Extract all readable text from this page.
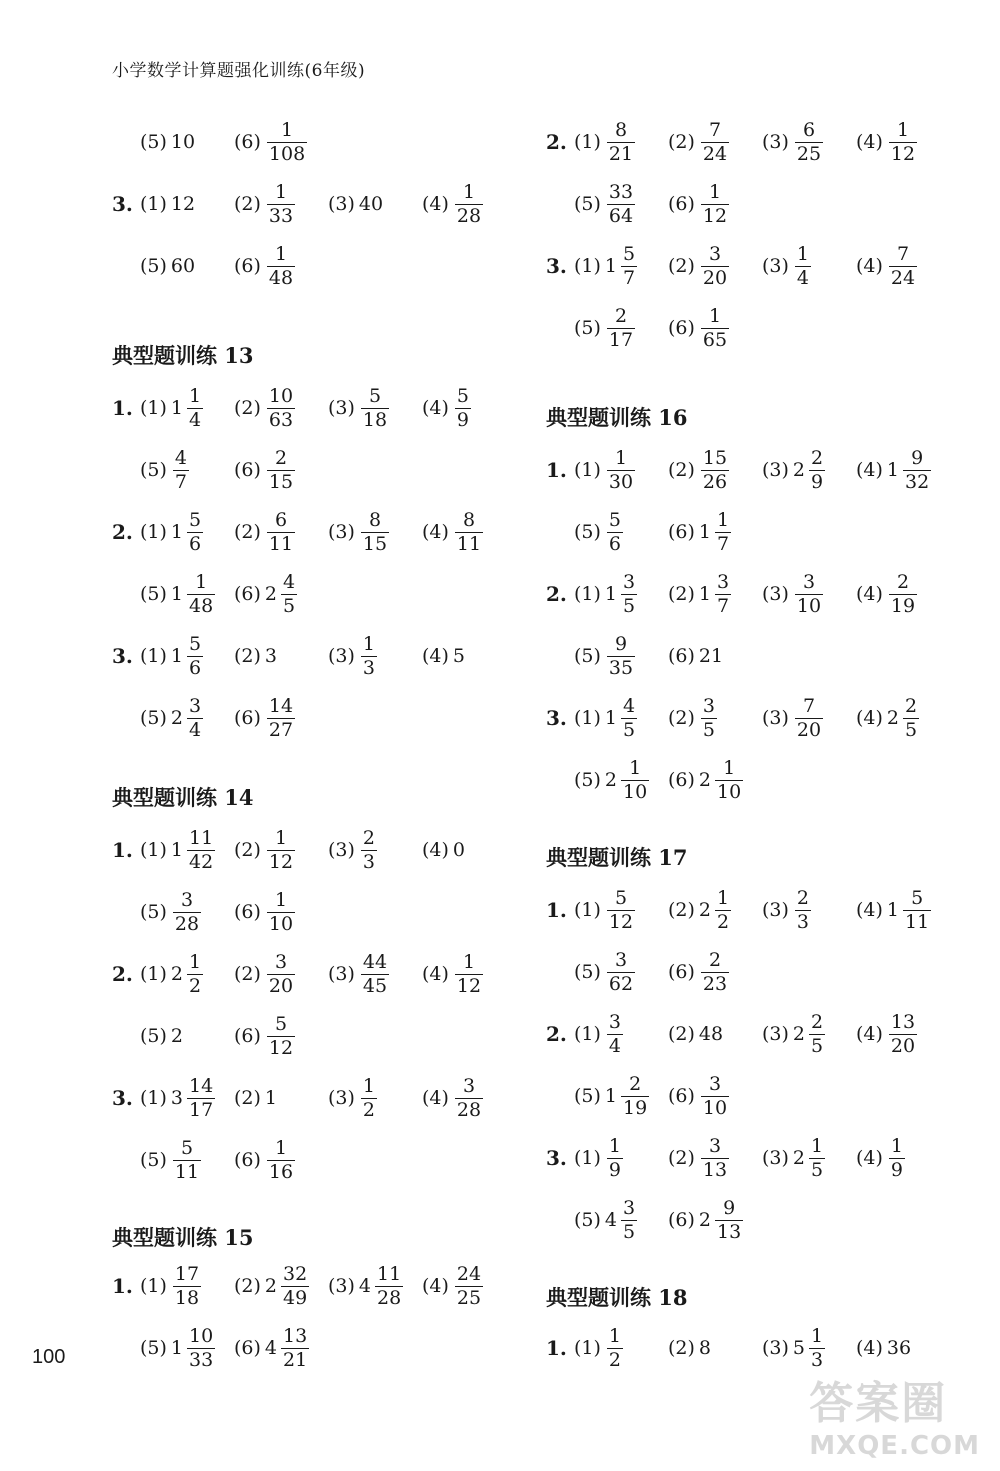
小学数学计算题强化训练(6年级)
(5) 10 $(6) \frac{1}{108}$
3. (1) 12 $(2) \frac{1}{33} (3)$ 40 $(4) \frac{1}{28}$
(5) 60 $(6) \frac{1}{48}$
典型题训练 13
1. (1) $1 \frac{1}{4} (2) \frac{10}{63} (3) \frac{5}{18} (4) \frac{5}{9}$
$(5) \frac{4}{7} (6) \frac{2}{15}$
2. (1) $1 \frac{5}{6} (2) \frac{6}{11} (3) \frac{8}{15} (4) \frac{8}{11}$
(5) $1 \frac{1}{48} (6)$ $2 \frac{4}{5}$
3. (1) $1 \frac{5}{6} (2)$ 3	$(3) \frac{1}{3} (4)$ 5
(5) $2 \frac{3}{4} (6) \frac{14}{27}$
典型题训练 14
1. (1) $1 \frac{11}{42} (2) \frac{1}{12} (3) \frac{2}{3} (4)$ 0
$(5) \frac{3}{28} (6) \frac{1}{10}$
2. (1) $2 \frac{1}{2} (2) \frac{3}{20} (3) \frac{44}{45} (4) \frac{1}{12}$
(5) 2	$(6) \frac{5}{12}$
3. (1) $3 \frac{14}{17} (2)$ 1	$(3) \frac{1}{2} (4) \frac{3}{28}$
$(5) \frac{5}{11} (6) \frac{1}{16}$
典型题训练 15
1. $(1) \frac{17}{18} (2)$ $2 \frac{32}{49} (3)$ $4 \frac{11}{28} (4) \frac{24}{25}$
(5) $1 \frac{10}{33} (6)$ $4 \frac{13}{21}$
2. $(1) \frac{8}{21} (2) \frac{7}{24} (3) \frac{6}{25} (4) \frac{1}{12}$
$(5) \frac{33}{64} (6) \frac{1}{12}$
3. (1) $1 \frac{5}{7} (2) \frac{3}{20} (3) \frac{1}{4} (4) \frac{7}{24}$
$(5) \frac{2}{17} (6) \frac{1}{65}$
典型题训练 16
1. $(1) \frac{1}{30} (2) \frac{15}{26} (3)$ $2 \frac{2}{9} (4)$ $1 \frac{9}{32}$
$(5) \frac{5}{6} (6)$ $1 \frac{1}{7}$
2. (1) $1 \frac{3}{5} (2)$ $1 \frac{3}{7} (3) \frac{3}{10} (4) \frac{2}{19}$
$(5) \frac{9}{35} (6)$ 21
3. (1) $1 \frac{4}{5} (2) \frac{3}{5} (3) \frac{7}{20} (4)$ $2 \frac{2}{5}$
(5) $2 \frac{1}{10} (6)$ $2 \frac{1}{10}$
典型题训练 17
1. $(1) \frac{5}{12} (2)$ $2 \frac{1}{2} (3) \frac{2}{3} (4)$ $1 \frac{5}{11}$
$(5) \frac{3}{62} (6) \frac{2}{23}$
2. $(1) \frac{3}{4} (2)$ 48 (3) $2 \frac{2}{5} (4) \frac{13}{20}$
(5) $1 \frac{2}{19} (6) \frac{3}{10}$
3. $(1) \frac{1}{9} (2) \frac{3}{13} (3)$ $2 \frac{1}{5} (4) \frac{1}{9}$
(5) $4 \frac{3}{5} (6)$ $2 \frac{9}{13}$
典型题训练 18
1. $(1) \frac{1}{2} (2)$ 8	(3) $5 \frac{1}{3} (4)$ 36
100
答案圈
MXQE.COM
